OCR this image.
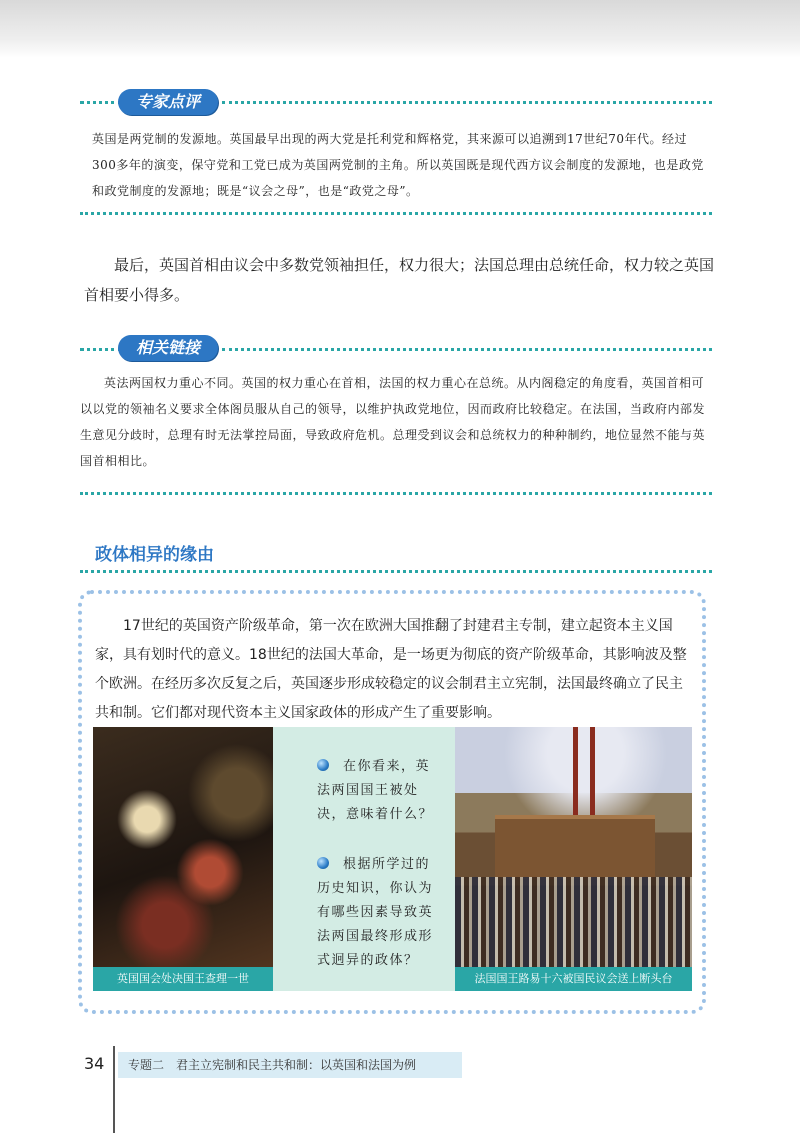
专家点评
英国是两党制的发源地。英国最早出现的两大党是托利党和辉格党，其来源可以追溯到17世纪70年代。经过300多年的演变，保守党和工党已成为英国两党制的主角。所以英国既是现代西方议会制度的发源地，也是政党和政党制度的发源地；既是“议会之母”，也是“政党之母”。
最后，英国首相由议会中多数党领袖担任，权力很大；法国总理由总统任命，权力较之英国首相要小得多。
相关链接
英法两国权力重心不同。英国的权力重心在首相，法国的权力重心在总统。从内阁稳定的角度看，英国首相可以以党的领袖名义要求全体阁员服从自己的领导，以维护执政党地位，因而政府比较稳定。在法国，当政府内部发生意见分歧时，总理有时无法掌控局面，导致政府危机。总理受到议会和总统权力的种种制约，地位显然不能与英国首相相比。
政体相异的缘由
17世纪的英国资产阶级革命，第一次在欧洲大国推翻了封建君主专制，建立起资本主义国家，具有划时代的意义。18世纪的法国大革命，是一场更为彻底的资产阶级革命，其影响波及整个欧洲。在经历多次反复之后，英国逐步形成较稳定的议会制君主立宪制，法国最终确立了民主共和制。它们都对现代资本主义国家政体的形成产生了重要影响。
英国国会处决国王查理一世
在你看来，英法两国国王被处决，意味着什么？
根据所学过的历史知识，你认为有哪些因素导致英法两国最终形成形式迥异的政体？
法国国王路易十六被国民议会送上断头台
34 专题二　君主立宪制和民主共和制：以英国和法国为例
